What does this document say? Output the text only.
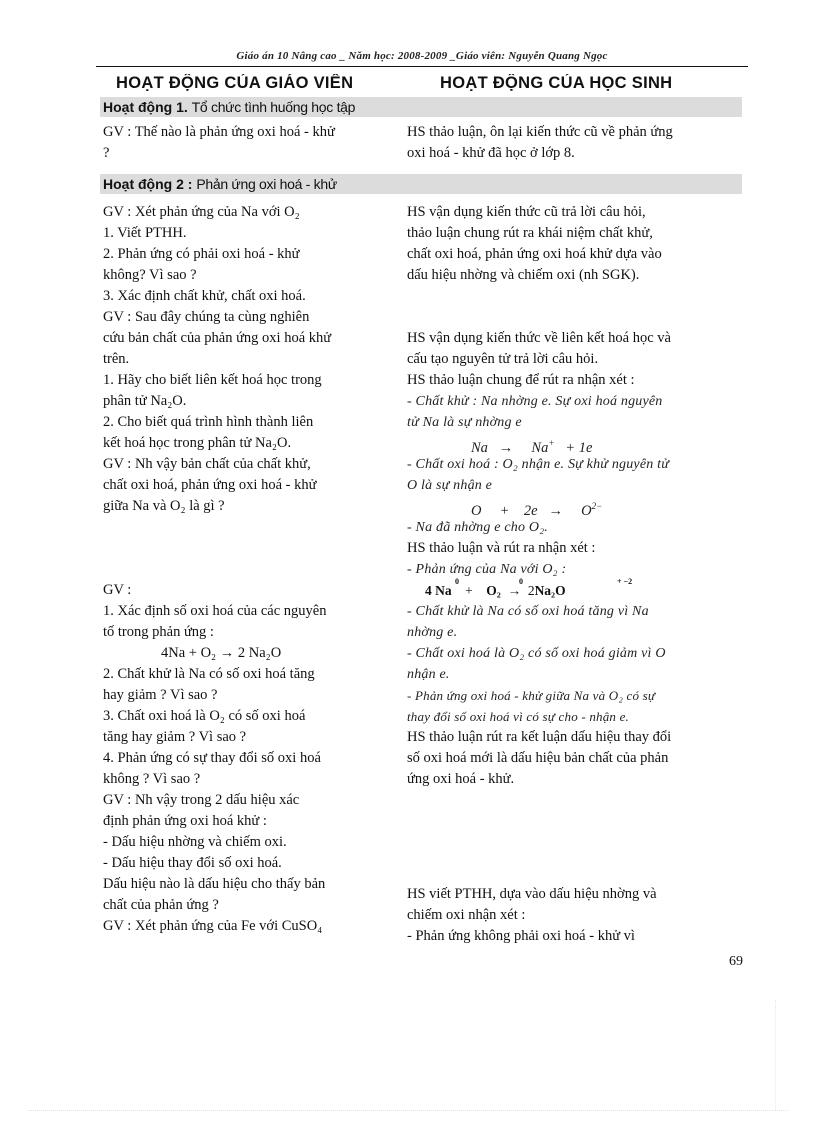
Giáo án 10 Nâng cao _ Năm học: 2008-2009 _Giáo viên: Nguyễn Quang Ngọc
HOẠT ĐỘNG CỦA GIÁO VIÊN	HOẠT ĐỘNG CỦA HỌC SINH
Hoạt động 1. Tổ chức tình huống học tập
GV : Thế nào là phản ứng oxi hoá - khử
?
HS thảo luận, ôn lại kiến thức cũ về phản ứng
oxi hoá - khử đã học ở lớp 8.
Hoạt động 2 : Phản ứng oxi hoá - khử
GV : Xét phản ứng của Na với O₂
1. Viết PTHH.
2. Phản ứng có phải oxi hoá - khử
không? Vì sao ?
3. Xác định chất khử, chất oxi hoá.
GV : Sau đây chúng ta cùng nghiên
cứu bản chất của phản ứng oxi hoá khử
trên.
1. Hãy cho biết liên kết hoá học trong
phân tử Na₂O.
2. Cho biết quá trình hình thành liên
kết hoá học trong phân tử Na₂O.
GV : Nh vậy bản chất của chất khử,
chất oxi hoá, phản ứng oxi hoá - khử
giữa Na và O₂ là gì ?
HS vận dụng kiến thức cũ trả lời câu hỏi,
thảo luận chung rút ra khái niệm chất khử,
chất oxi hoá, phản ứng oxi hoá khử dựa vào
dấu hiệu nhờng và chiếm oxi (nh SGK).
HS vận dụng kiến thức về liên kết hoá học và
cấu tạo nguyên tử trả lời câu hỏi.
HS thảo luận chung để rút ra nhận xét :
- Chất khử : Na nhờng e. Sự oxi hoá nguyên
tử Na là sự nhờng e
Na → Na+ + 1e
- Chất oxi hoá : O₂ nhận e. Sự khử nguyên tử
O là sự nhận e
$O + 2e \to O^{2-}$
- Na đã nhờng e cho O₂.
HS thảo luận và rút ra nhận xét :
- Phản ứng của Na với O₂ :
0	0	+ −2
4 Na + O₂ → 2Na₂O
GV :
1. Xác định số oxi hoá của các nguyên
tố trong phản ứng :
4Na + O₂ → 2 Na₂O
2. Chất khử là Na có số oxi hoá tăng
hay giảm ? Vì sao ?
3. Chất oxi hoá là O₂ có số oxi hoá
tăng hay giảm ? Vì sao ?
4. Phản ứng có sự thay đổi số oxi hoá
không ? Vì sao ?
GV : Nh vậy trong 2 dấu hiệu xác
định phản ứng oxi hoá khử :
- Dấu hiệu nhờng và chiếm oxi.
- Dấu hiệu thay đổi số oxi hoá.
Dấu hiệu nào là dấu hiệu cho thấy bản
chất của phản ứng ?
GV : Xét phản ứng của Fe với CuSO₄
- Chất khử là Na có số oxi hoá tăng vì Na
nhờng e.
- Chất oxi hoá là O₂ có số oxi hoá giảm vì O
nhận e.
- Phản ứng oxi hoá - khử giữa Na và O₂ có sự
thay đổi số oxi hoá vì có sự cho - nhận e.
HS thảo luận rút ra kết luận dấu hiệu thay đổi
số oxi hoá mới là dấu hiệu bản chất của phản
ứng oxi hoá - khử.
HS viết PTHH, dựa vào dấu hiệu nhờng và
chiếm oxi nhận xét :
- Phản ứng không phải oxi hoá - khử vì
69
